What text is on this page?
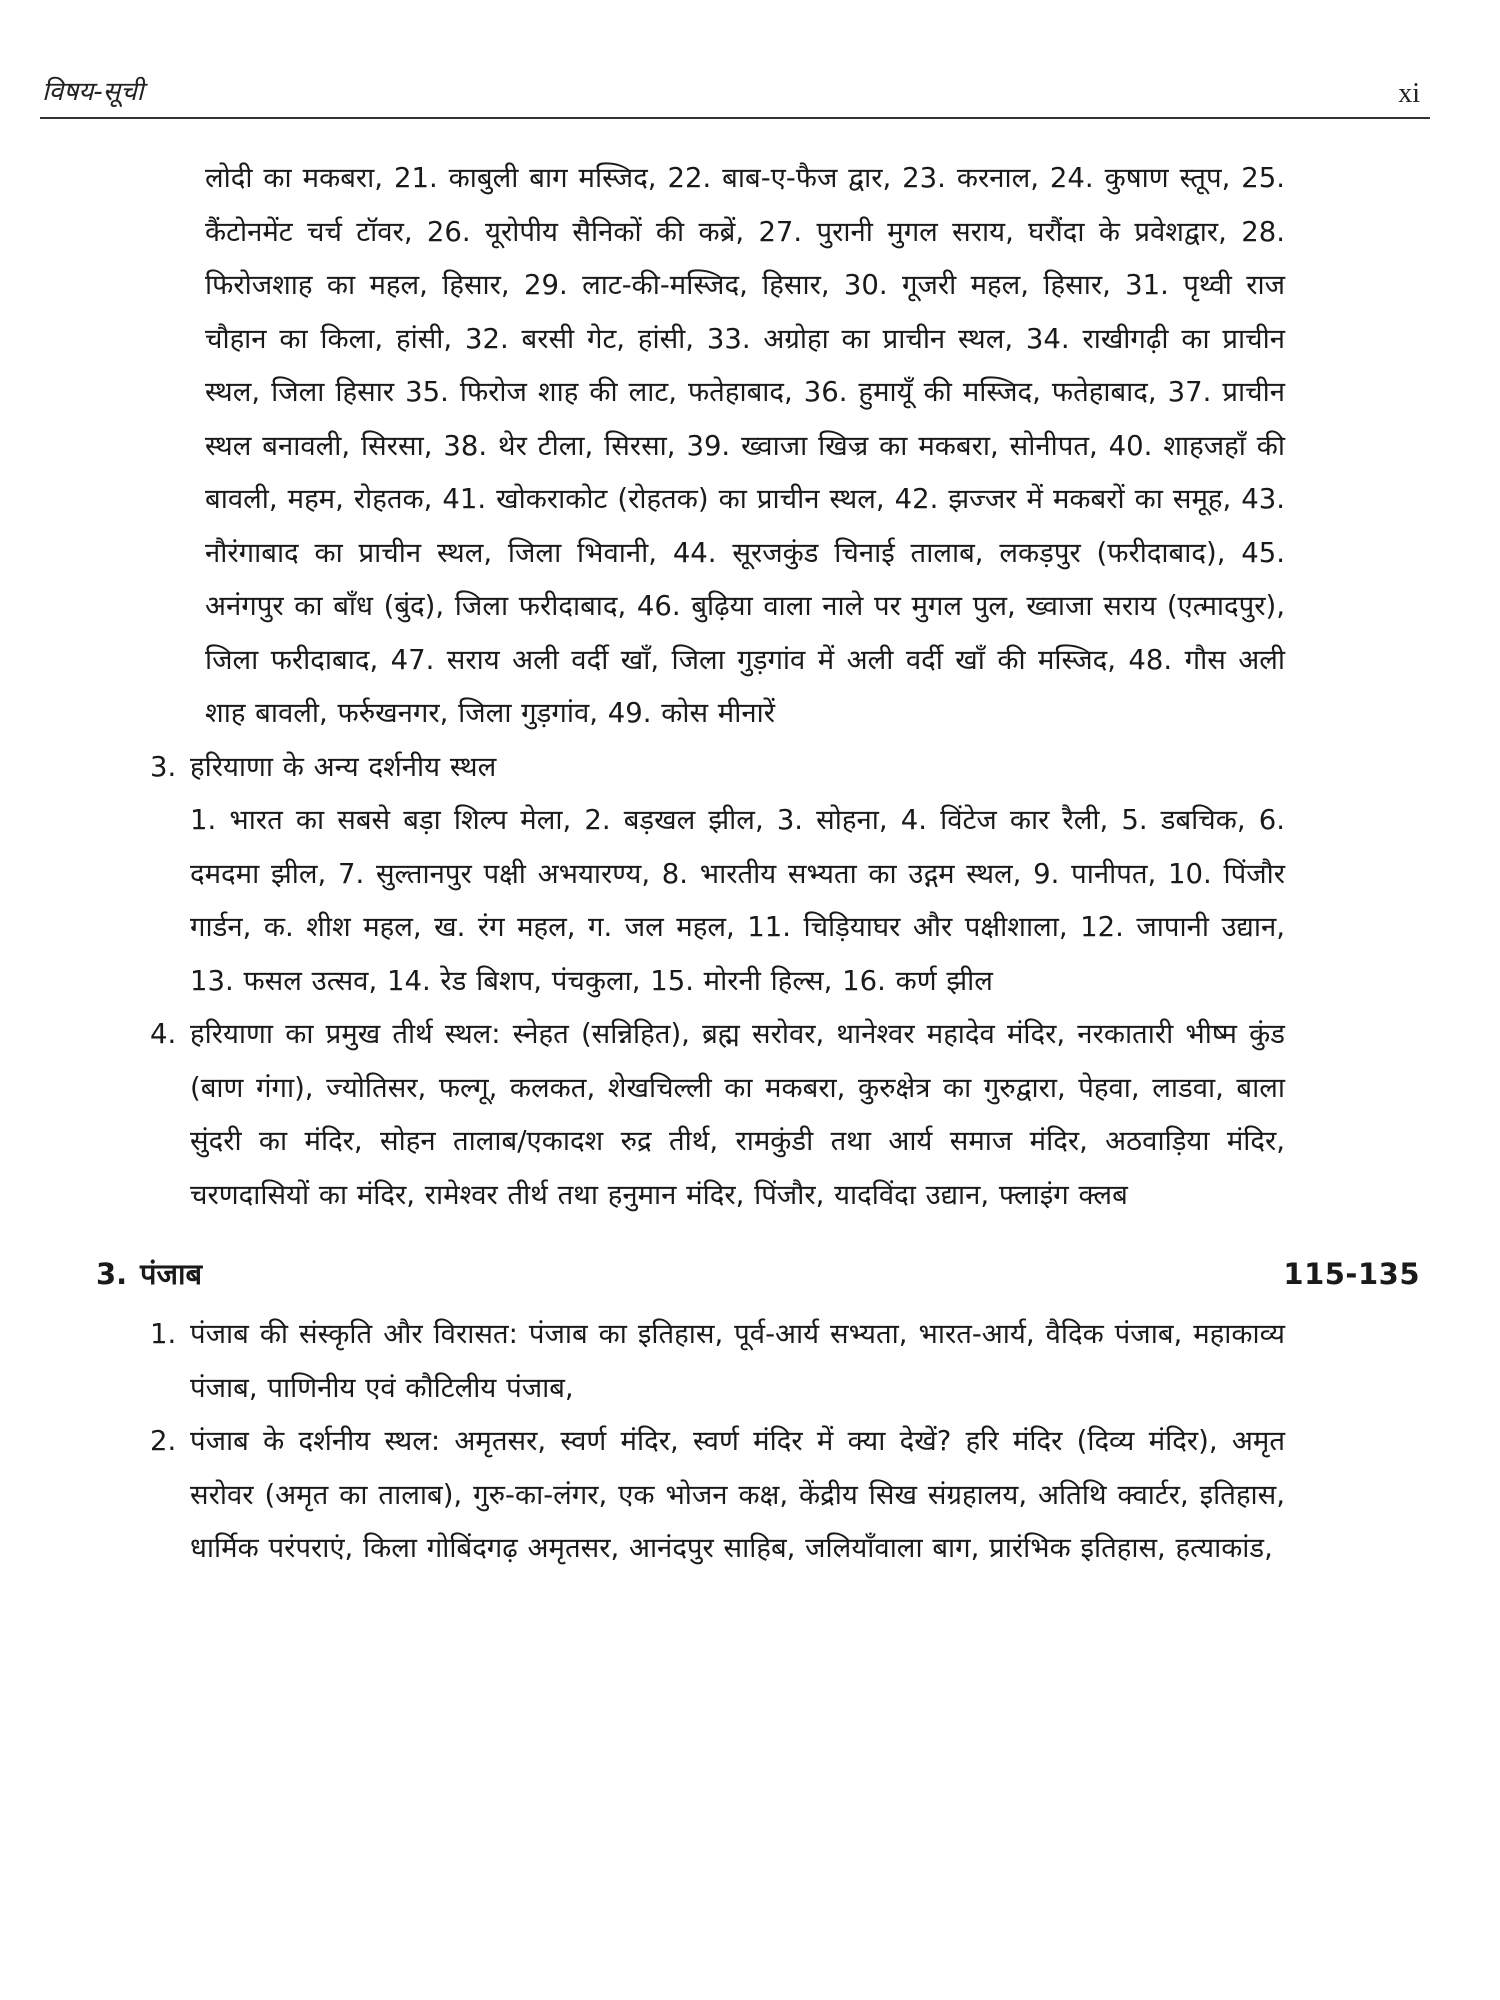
विषय-सूची	xi
लोदी का मकबरा, 21. काबुली बाग मस्जिद, 22. बाब-ए-फैज द्वार, 23. करनाल, 24. कुषाण स्तूप, 25. कैंटोनमेंट चर्च टॉवर, 26. यूरोपीय सैनिकों की कब्रें, 27. पुरानी मुगल सराय, घरौंदा के प्रवेशद्वार, 28. फिरोजशाह का महल, हिसार, 29. लाट-की-मस्जिद, हिसार, 30. गूजरी महल, हिसार, 31. पृथ्वी राज चौहान का किला, हांसी, 32. बरसी गेट, हांसी, 33. अग्रोहा का प्राचीन स्थल, 34. राखीगढ़ी का प्राचीन स्थल, जिला हिसार 35. फिरोज शाह की लाट, फतेहाबाद, 36. हुमायूँ की मस्जिद, फतेहाबाद, 37. प्राचीन स्थल बनावली, सिरसा, 38. थेर टीला, सिरसा, 39. ख्वाजा खिज्र का मकबरा, सोनीपत, 40. शाहजहाँ की बावली, महम, रोहतक, 41. खोकराकोट (रोहतक) का प्राचीन स्थल, 42. झज्जर में मकबरों का समूह, 43. नौरंगाबाद का प्राचीन स्थल, जिला भिवानी, 44. सूरजकुंड चिनाई तालाब, लकड़पुर (फरीदाबाद), 45. अनंगपुर का बाँध (बुंद), जिला फरीदाबाद, 46. बुढ़िया वाला नाले पर मुगल पुल, ख्वाजा सराय (एत्मादपुर), जिला फरीदाबाद, 47. सराय अली वर्दी खाँ, जिला गुड़गांव में अली वर्दी खाँ की मस्जिद, 48. गौस अली शाह बावली, फर्रुखनगर, जिला गुड़गांव, 49. कोस मीनारें
3. हरियाणा के अन्य दर्शनीय स्थल
1. भारत का सबसे बड़ा शिल्प मेला, 2. बड़खल झील, 3. सोहना, 4. विंटेज कार रैली, 5. डबचिक, 6. दमदमा झील, 7. सुल्तानपुर पक्षी अभयारण्य, 8. भारतीय सभ्यता का उद्गम स्थल, 9. पानीपत, 10. पिंजौर गार्डन, क. शीश महल, ख. रंग महल, ग. जल महल, 11. चिड़ियाघर और पक्षीशाला, 12. जापानी उद्यान, 13. फसल उत्सव, 14. रेड बिशप, पंचकुला, 15. मोरनी हिल्स, 16. कर्ण झील
4. हरियाणा का प्रमुख तीर्थ स्थल: स्नेहत (सन्निहित), ब्रह्म सरोवर, थानेश्वर महादेव मंदिर, नरकातारी भीष्म कुंड (बाण गंगा), ज्योतिसर, फल्गू, कलकत, शेखचिल्ली का मकबरा, कुरुक्षेत्र का गुरुद्वारा, पेहवा, लाडवा, बाला सुंदरी का मंदिर, सोहन तालाब/एकादश रुद्र तीर्थ, रामकुंडी तथा आर्य समाज मंदिर, अठवाड़िया मंदिर, चरणदासियों का मंदिर, रामेश्वर तीर्थ तथा हनुमान मंदिर, पिंजौर, यादविंदा उद्यान, फ्लाइंग क्लब
3. पंजाब	115-135
1. पंजाब की संस्कृति और विरासत: पंजाब का इतिहास, पूर्व-आर्य सभ्यता, भारत-आर्य, वैदिक पंजाब, महाकाव्य पंजाब, पाणिनीय एवं कौटिलीय पंजाब,
2. पंजाब के दर्शनीय स्थल: अमृतसर, स्वर्ण मंदिर, स्वर्ण मंदिर में क्या देखें? हरि मंदिर (दिव्य मंदिर), अमृत सरोवर (अमृत का तालाब), गुरु-का-लंगर, एक भोजन कक्ष, केंद्रीय सिख संग्रहालय, अतिथि क्वार्टर, इतिहास, धार्मिक परंपराएं, किला गोबिंदगढ़ अमृतसर, आनंदपुर साहिब, जलियाँवाला बाग, प्रारंभिक इतिहास, हत्याकांड,
